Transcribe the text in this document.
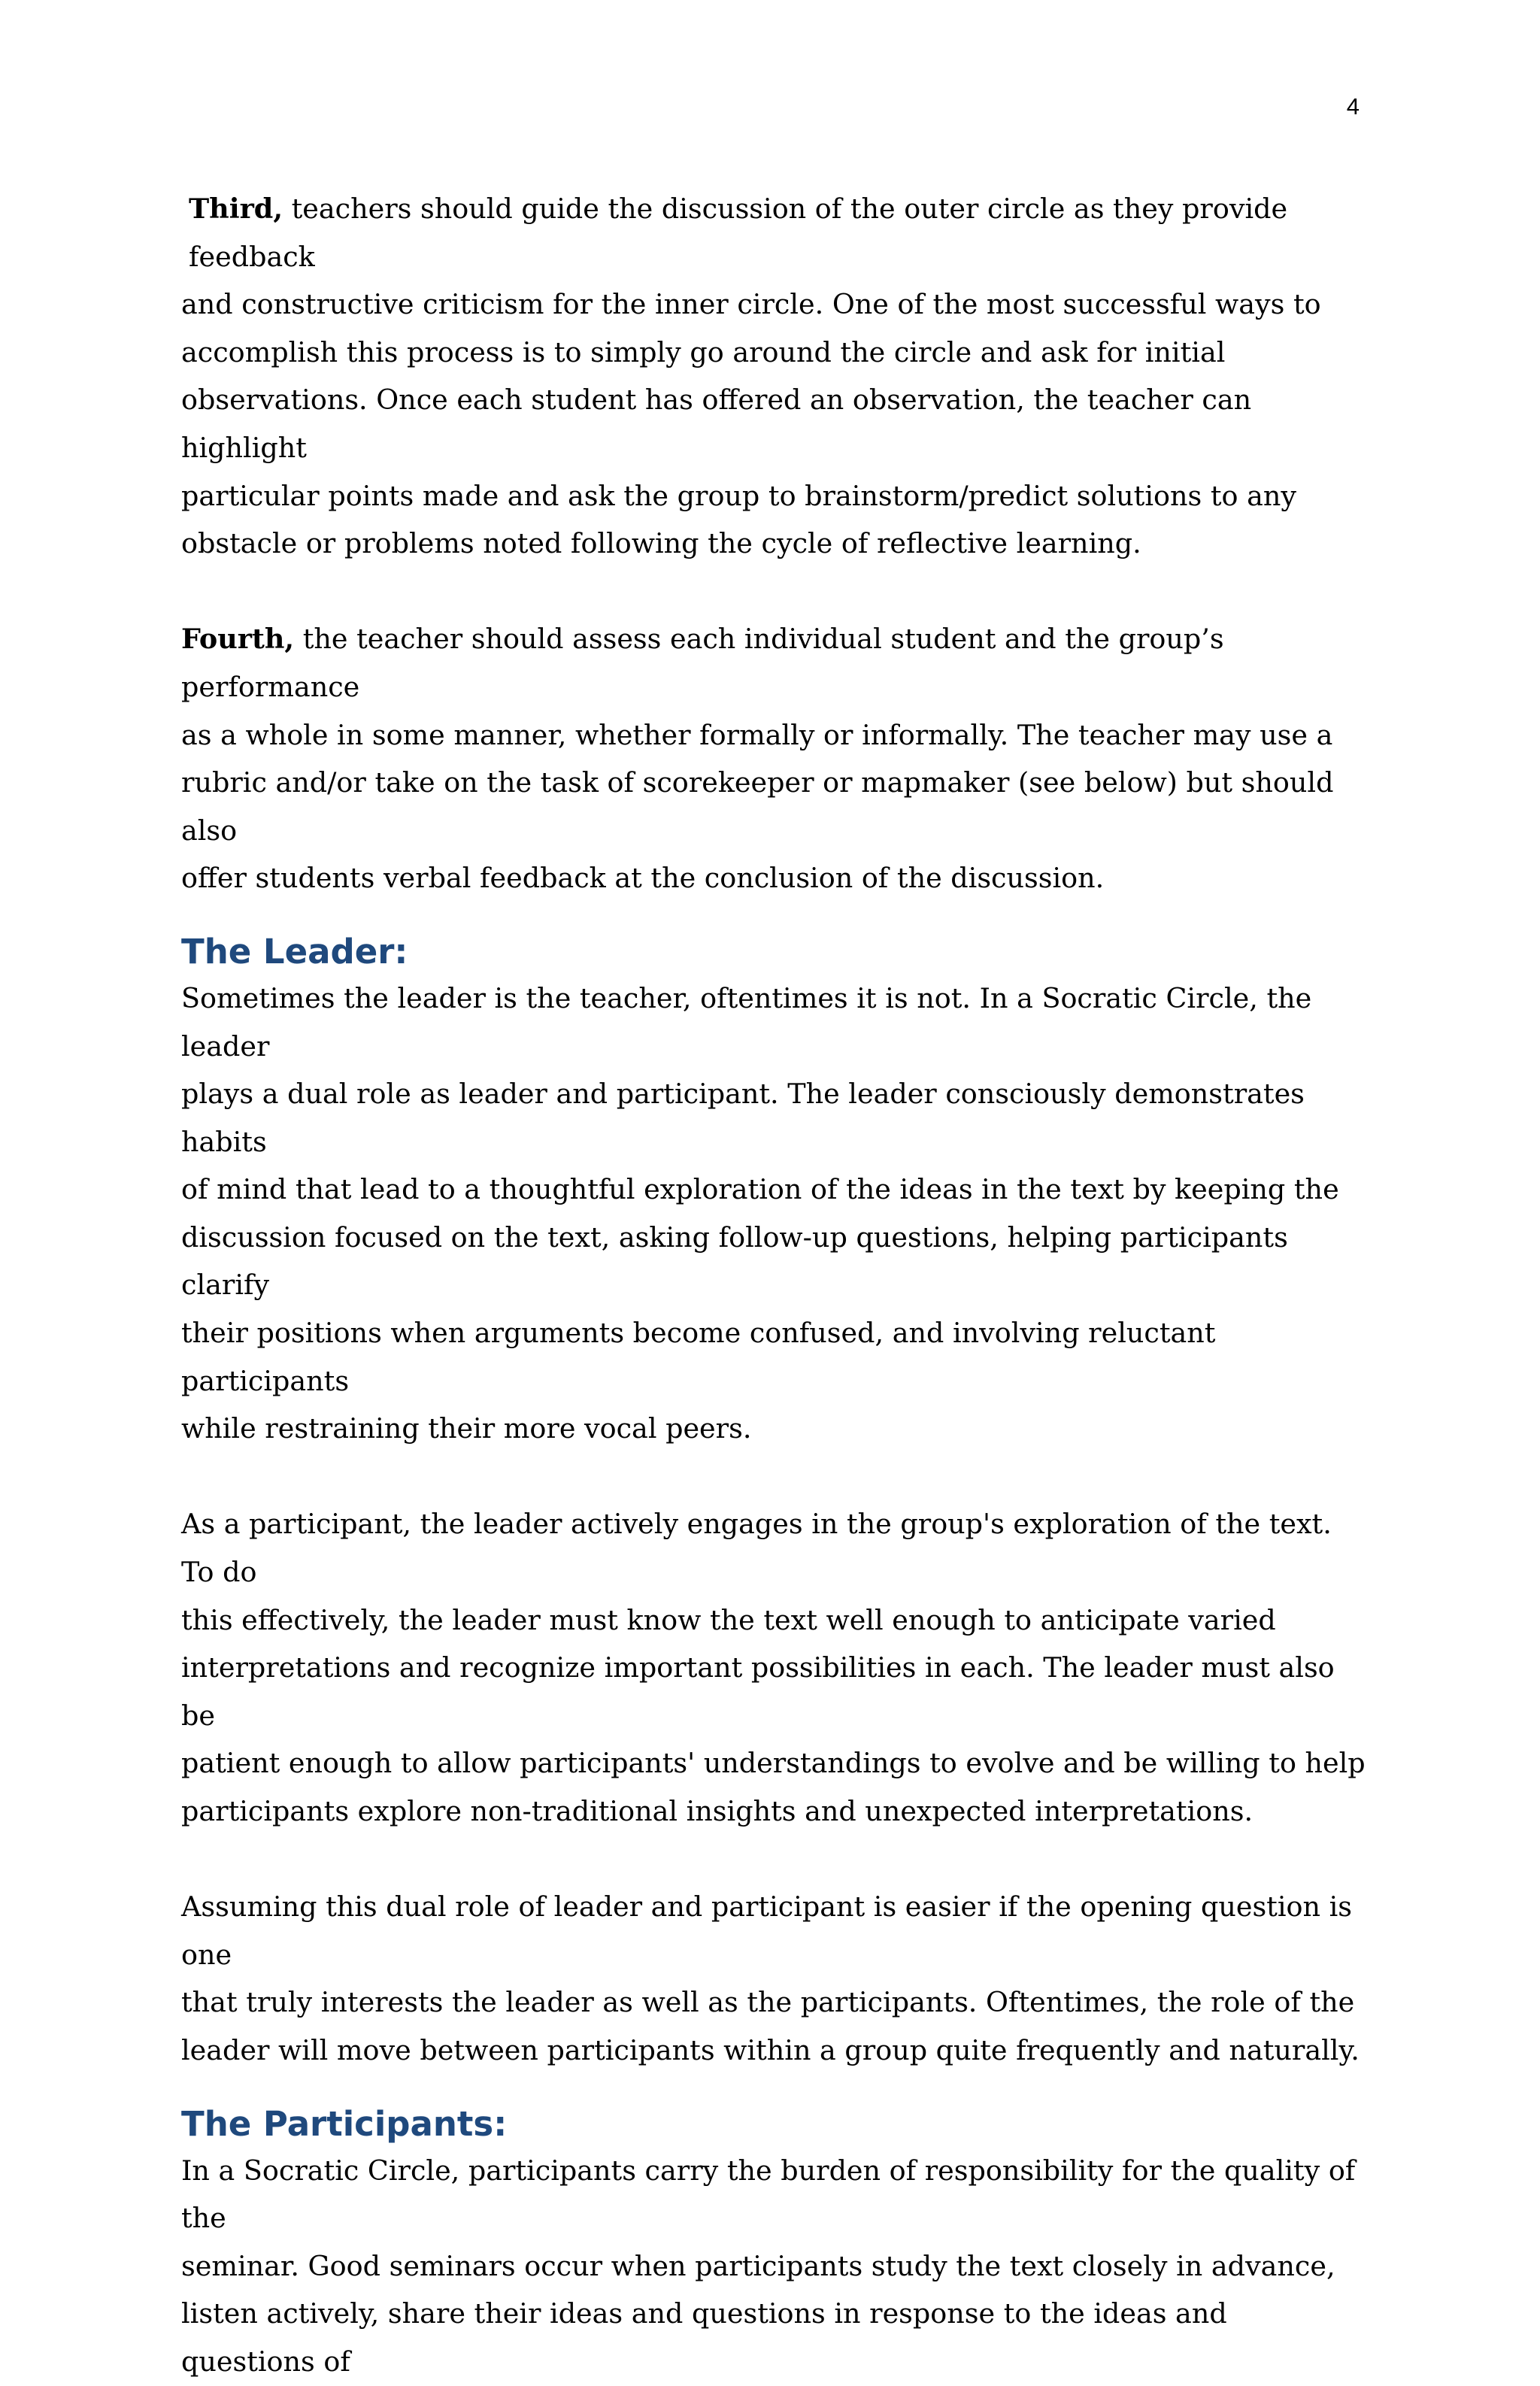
4

Third, teachers should guide the discussion of the outer circle as they provide feedback

and constructive criticism for the inner circle. One of the most successful ways to

accomplish this process is to simply go around the circle and ask for initial

observations. Once each student has offered an observation, the teacher can highlight

particular points made and ask the group to brainstorm/predict solutions to any

obstacle or problems noted following the cycle of reflective learning.

Fourth, the teacher should assess each individual student and the group’s performance

as a whole in some manner, whether formally or informally. The teacher may use a

rubric and/or take on the task of scorekeeper or mapmaker (see below) but should also

offer students verbal feedback at the conclusion of the discussion.

The Leader:

Sometimes the leader is the teacher, oftentimes it is not. In a Socratic Circle, the leader

plays a dual role as leader and participant. The leader consciously demonstrates habits

of mind that lead to a thoughtful exploration of the ideas in the text by keeping the

discussion focused on the text, asking follow-up questions, helping participants clarify

their positions when arguments become confused, and involving reluctant participants

while restraining their more vocal peers.

As a participant, the leader actively engages in the group's exploration of the text. To do

this effectively, the leader must know the text well enough to anticipate varied

interpretations and recognize important possibilities in each. The leader must also be

patient enough to allow participants' understandings to evolve and be willing to help

participants explore non-traditional insights and unexpected interpretations.

Assuming this dual role of leader and participant is easier if the opening question is one

that truly interests the leader as well as the participants. Oftentimes, the role of the

leader will move between participants within a group quite frequently and naturally.

The Participants:

In a Socratic Circle, participants carry the burden of responsibility for the quality of the

seminar. Good seminars occur when participants study the text closely in advance,

listen actively, share their ideas and questions in response to the ideas and questions of
